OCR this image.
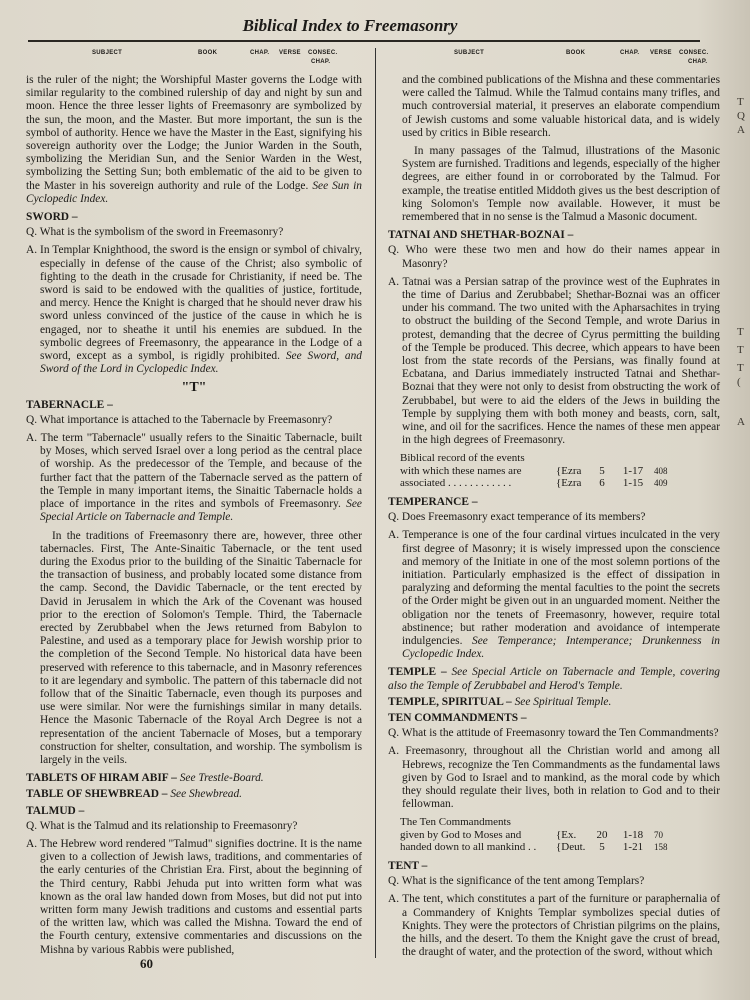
Biblical Index to Freemasonry
SUBJECT	BOOK	CHAP. VERSE CONSEC.
CHAP.
SUBJECT	BOOK	CHAP. VERSE CONSEC.
CHAP.

is the ruler of the night; the Worshipful Master governs the Lodge with similar regularity to the combined rulership of day and night by sun and moon. Hence the three lesser lights of Freemasonry are symbolized by the sun, the moon, and the Master. But more important, the sun is the symbol of authority. Hence we have the Master in the East, signifying his sovereign authority over the Lodge; the Junior Warden in the South, symbolizing the Meridian Sun, and the Senior Warden in the West, symbolizing the Setting Sun; both emblematic of the aid to be given to the Master in his sovereign authority and rule of the Lodge. See Sun in Cyclopedic Index.

SWORD –

Q. What is the symbolism of the sword in Freemasonry?

A. In Templar Knighthood, the sword is the ensign or symbol of chivalry, especially in defense of the cause of the Christ; also symbolic of fighting to the death in the crusade for Christianity, if need be. The sword is said to be endowed with the qualities of justice, fortitude, and mercy. Hence the Knight is charged that he should never draw his sword unless convinced of the justice of the cause in which he is engaged, nor to sheathe it until his enemies are subdued. In the symbolic degrees of Freemasonry, the appearance in the Lodge of a sword, except as a symbol, is rigidly prohibited. See Sword, and Sword of the Lord in Cyclopedic Index.

"T"
TABERNACLE –

Q. What importance is attached to the Tabernacle by Freemasonry?

A. The term "Tabernacle" usually refers to the Sinaitic Tabernacle, built by Moses, which served Israel over a long period as the central place of worship. As the predecessor of the Temple, and because of the further fact that the pattern of the Tabernacle served as the pattern of the Temple in many important items, the Sinaitic Tabernacle holds a place of importance in the rites and symbols of Freemasonry. See Special Article on Tabernacle and Temple.

In the traditions of Freemasonry there are, however, three other tabernacles. First, The Ante-Sinaitic Tabernacle, or the tent used during the Exodus prior to the building of the Sinaitic Tabernacle for the transaction of business, and probably located some distance from the camp. Second, the Davidic Tabernacle, or the tent erected by David in Jerusalem in which the Ark of the Covenant was housed prior to the erection of Solomon's Temple. Third, the Tabernacle erected by Zerubbabel when the Jews returned from Babylon to Palestine, and used as a temporary place for Jewish worship prior to the completion of the Second Temple. No historical data have been preserved with reference to this tabernacle, and in Masonry references to it are legendary and symbolic. The pattern of this tabernacle did not follow that of the Sinaitic Tabernacle, even though its purposes and use were similar. Nor were the furnishings similar in many details. Hence the Masonic Tabernacle of the Royal Arch Degree is not a representation of the ancient Tabernacle of Moses, but a temporary construction for shelter, consultation, and worship. The symbolism is largely in the veils.

TABLETS OF HIRAM ABIF – See Trestle-Board.
TABLE OF SHEWBREAD – See Shewbread.
TALMUD –

Q. What is the Talmud and its relationship to Freemasonry?

A. The Hebrew word rendered "Talmud" signifies doctrine. It is the name given to a collection of Jewish laws, traditions, and commentaries of the early centuries of the Christian Era. First, about the beginning of the Third century, Rabbi Jehuda put into written form what was known as the oral law handed down from Moses, but did not put into written form many Jewish traditions and customs and essential parts of the written law, which was called the Mishna. Toward the end of the Fourth century, extensive commentaries and discussions on the Mishna by various Rabbis were published,

and the combined publications of the Mishna and these commentaries were called the Talmud. While the Talmud contains many trifles, and much controversial material, it preserves an elaborate compendium of Jewish customs and some valuable historical data, and is widely used by critics in Bible research.

In many passages of the Talmud, illustrations of the Masonic System are furnished. Traditions and legends, especially of the higher degrees, are either found in or corroborated by the Talmud. For example, the treatise entitled Middoth gives us the best description of king Solomon's Temple now available. However, it must be remembered that in no sense is the Talmud a Masonic document.

TATNAI AND SHETHAR-BOZNAI –

Q. Who were these two men and how do their names appear in Masonry?

A. Tatnai was a Persian satrap of the province west of the Euphrates in the time of Darius and Zerubbabel; Shethar-Boznai was an officer under his command. The two united with the Apharsachites in trying to obstruct the building of the Second Temple, and wrote Darius in protest, demanding that the decree of Cyrus permitting the building of the Temple be produced. This decree, which appears to have been lost from the state records of the Persians, was finally found at Ecbatana, and Darius immediately instructed Tatnai and Shethar-Boznai that they were not only to desist from obstructing the work of Zerubbabel, but were to aid the elders of the Jews in building the Temple by supplying them with both money and beasts, corn, salt, wine, and oil for the sacrifices. Hence the names of these men appear in the high degrees of Freemasonry.

Biblical record of the events
with which these names are	{Ezra	5	1-17	408
associated . . . . . . . . . . . .	{Ezra	6	1-15	409
TEMPERANCE –

Q. Does Freemasonry exact temperance of its members?

A. Temperance is one of the four cardinal virtues inculcated in the very first degree of Masonry; it is wisely impressed upon the conscience and memory of the Initiate in one of the most solemn portions of the initiation. Particularly emphasized is the effect of dissipation in paralyzing and deforming the mental faculties to the point the secrets of the Order might be given out in an unguarded moment. Neither the obligation nor the tenets of Freemasonry, however, require total abstinence; but rather moderation and avoidance of intemperate indulgencies. See Temperance; Intemperance; Drunkenness in Cyclopedic Index.

TEMPLE – See Special Article on Tabernacle and Temple, covering also the Temple of Zerubbabel and Herod's Temple.
TEMPLE, SPIRITUAL – See Spiritual Temple.
TEN COMMANDMENTS –

Q. What is the attitude of Freemasonry toward the Ten Commandments?

A. Freemasonry, throughout all the Christian world and among all Hebrews, recognize the Ten Commandments as the fundamental laws given by God to Israel and to mankind, as the moral code by which they should regulate their lives, both in relation to God and to their fellowman.

The Ten Commandments
given by God to Moses and	{Ex.	20	1-18	70
handed down to all mankind . .	{Deut.	5	1-21	158
TENT –

Q. What is the significance of the tent among Templars?

A. The tent, which constitutes a part of the furniture or paraphernalia of a Commandery of Knights Templar symbolizes special duties of Knights. They were the protectors of Christian pilgrims on the plains, the hills, and the desert. To them the Knight gave the crust of bread, the draught of water, and the protection of the sword, without which

60
T
Q
A
T
T
T
(
A
